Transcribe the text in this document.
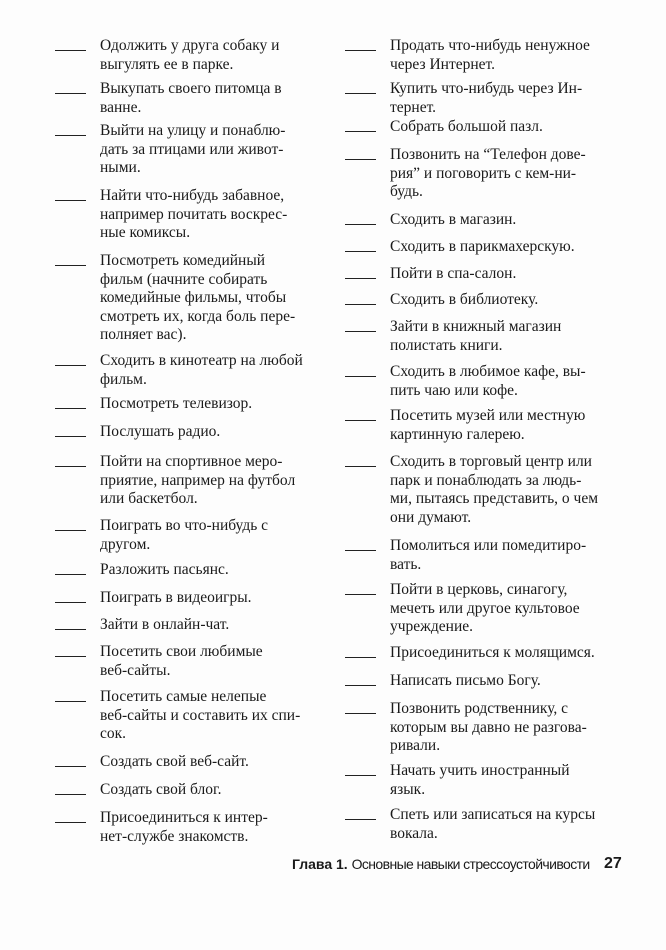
Одолжить у друга собаку и
выгулять ее в парке.
Выкупать своего питомца в
ванне.
Выйти на улицу и понаблю-
дать за птицами или живот-
ными.
Найти что-нибудь забавное,
например почитать воскрес-
ные комиксы.
Посмотреть комедийный
фильм (начните собирать
комедийные фильмы, чтобы
смотреть их, когда боль пере-
полняет вас).
Сходить в кинотеатр на любой
фильм.
Посмотреть телевизор.
Послушать радио.
Пойти на спортивное меро-
приятие, например на футбол
или баскетбол.
Поиграть во что-нибудь с
другом.
Разложить пасьянс.
Поиграть в видеоигры.
Зайти в онлайн-чат.
Посетить свои любимые
веб-сайты.
Посетить самые нелепые
веб-сайты и составить их спи-
сок.
Создать свой веб-сайт.
Создать свой блог.
Присоединиться к интер-
нет-службе знакомств.
Продать что-нибудь ненужное
через Интернет.
Купить что-нибудь через Ин-
тернет.
Собрать большой пазл.
Позвонить на “Телефон дове-
рия” и поговорить с кем-ни-
будь.
Сходить в магазин.
Сходить в парикмахерскую.
Пойти в спа-салон.
Сходить в библиотеку.
Зайти в книжный магазин
полистать книги.
Сходить в любимое кафе, вы-
пить чаю или кофе.
Посетить музей или местную
картинную галерею.
Сходить в торговый центр или
парк и понаблюдать за людь-
ми, пытаясь представить, о чем
они думают.
Помолиться или помедитиро-
вать.
Пойти в церковь, синагогу,
мечеть или другое культовое
учреждение.
Присоединиться к молящимся.
Написать письмо Богу.
Позвонить родственнику, с
которым вы давно не разгова-
ривали.
Начать учить иностранный
язык.
Спеть или записаться на курсы
вокала.
Глава 1. Основные навыки стрессоустойчивости 27
